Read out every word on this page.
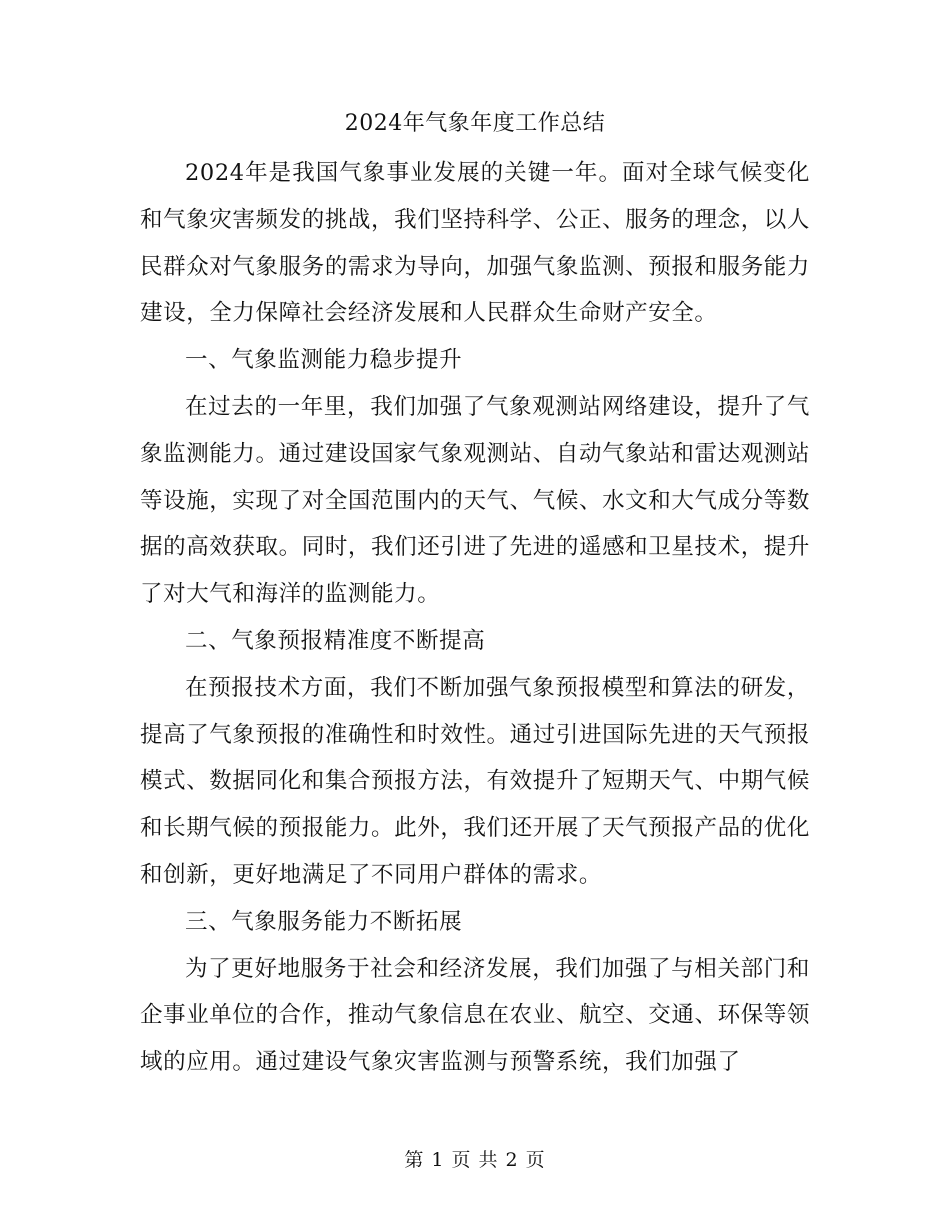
2024年气象年度工作总结

2024年是我国气象事业发展的关键一年。面对全球气候变化和气象灾害频发的挑战，我们坚持科学、公正、服务的理念，以人民群众对气象服务的需求为导向，加强气象监测、预报和服务能力建设，全力保障社会经济发展和人民群众生命财产安全。

一、气象监测能力稳步提升

在过去的一年里，我们加强了气象观测站网络建设，提升了气象监测能力。通过建设国家气象观测站、自动气象站和雷达观测站等设施，实现了对全国范围内的天气、气候、水文和大气成分等数据的高效获取。同时，我们还引进了先进的遥感和卫星技术，提升了对大气和海洋的监测能力。

二、气象预报精准度不断提高

在预报技术方面，我们不断加强气象预报模型和算法的研发，提高了气象预报的准确性和时效性。通过引进国际先进的天气预报模式、数据同化和集合预报方法，有效提升了短期天气、中期气候和长期气候的预报能力。此外，我们还开展了天气预报产品的优化和创新，更好地满足了不同用户群体的需求。

三、气象服务能力不断拓展

为了更好地服务于社会和经济发展，我们加强了与相关部门和企事业单位的合作，推动气象信息在农业、航空、交通、环保等领域的应用。通过建设气象灾害监测与预警系统，我们加强了

第 1 页 共 2 页
